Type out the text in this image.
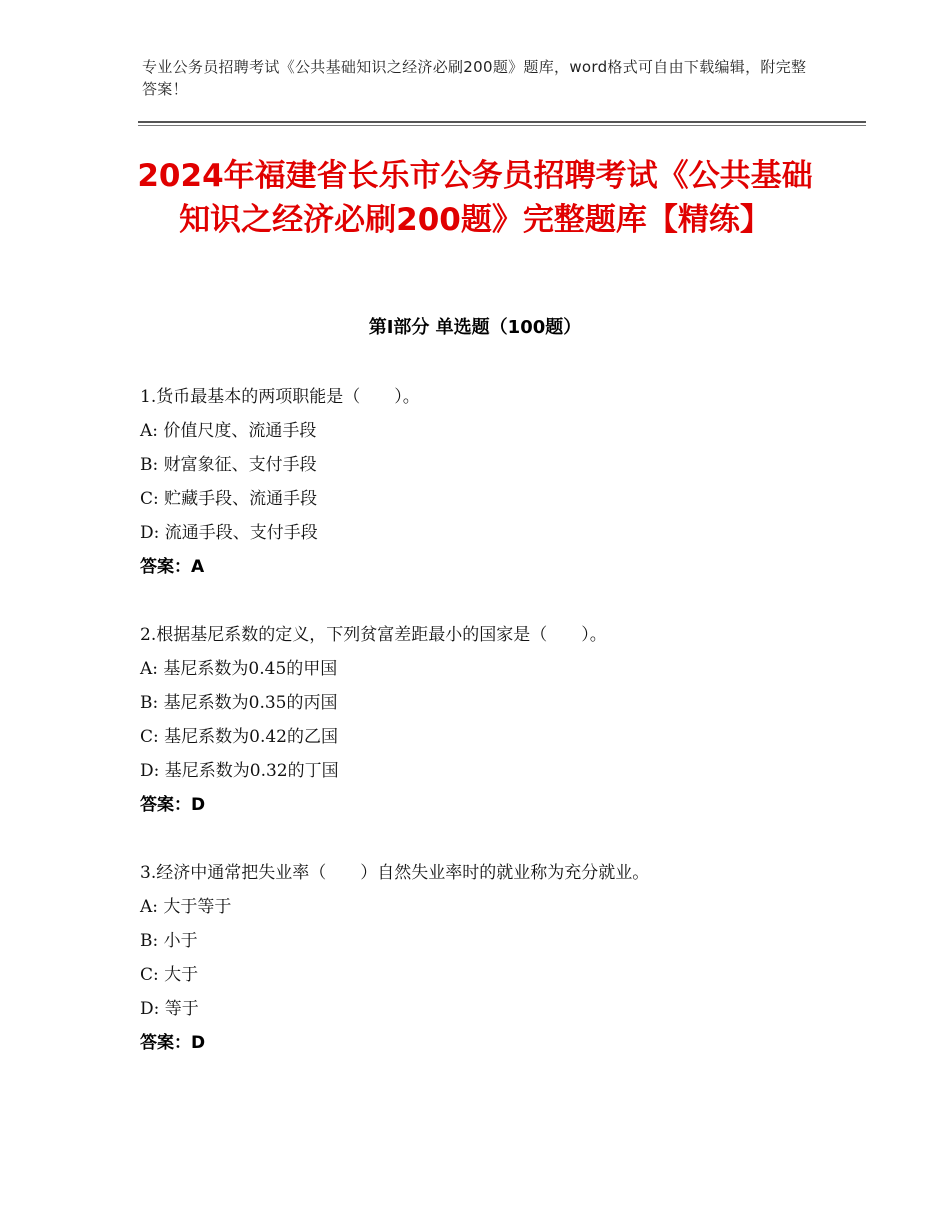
专业公务员招聘考试《公共基础知识之经济必刷200题》题库，word格式可自由下载编辑，附完整答案！
2024年福建省长乐市公务员招聘考试《公共基础知识之经济必刷200题》完整题库【精练】
第I部分 单选题（100题）
1.货币最基本的两项职能是（　　）。
A: 价值尺度、流通手段
B: 财富象征、支付手段
C: 贮藏手段、流通手段
D: 流通手段、支付手段
答案：A
2.根据基尼系数的定义，下列贫富差距最小的国家是（　　）。
A: 基尼系数为0.45的甲国
B: 基尼系数为0.35的丙国
C: 基尼系数为0.42的乙国
D: 基尼系数为0.32的丁国
答案：D
3.经济中通常把失业率（　　）自然失业率时的就业称为充分就业。
A: 大于等于
B: 小于
C: 大于
D: 等于
答案：D
